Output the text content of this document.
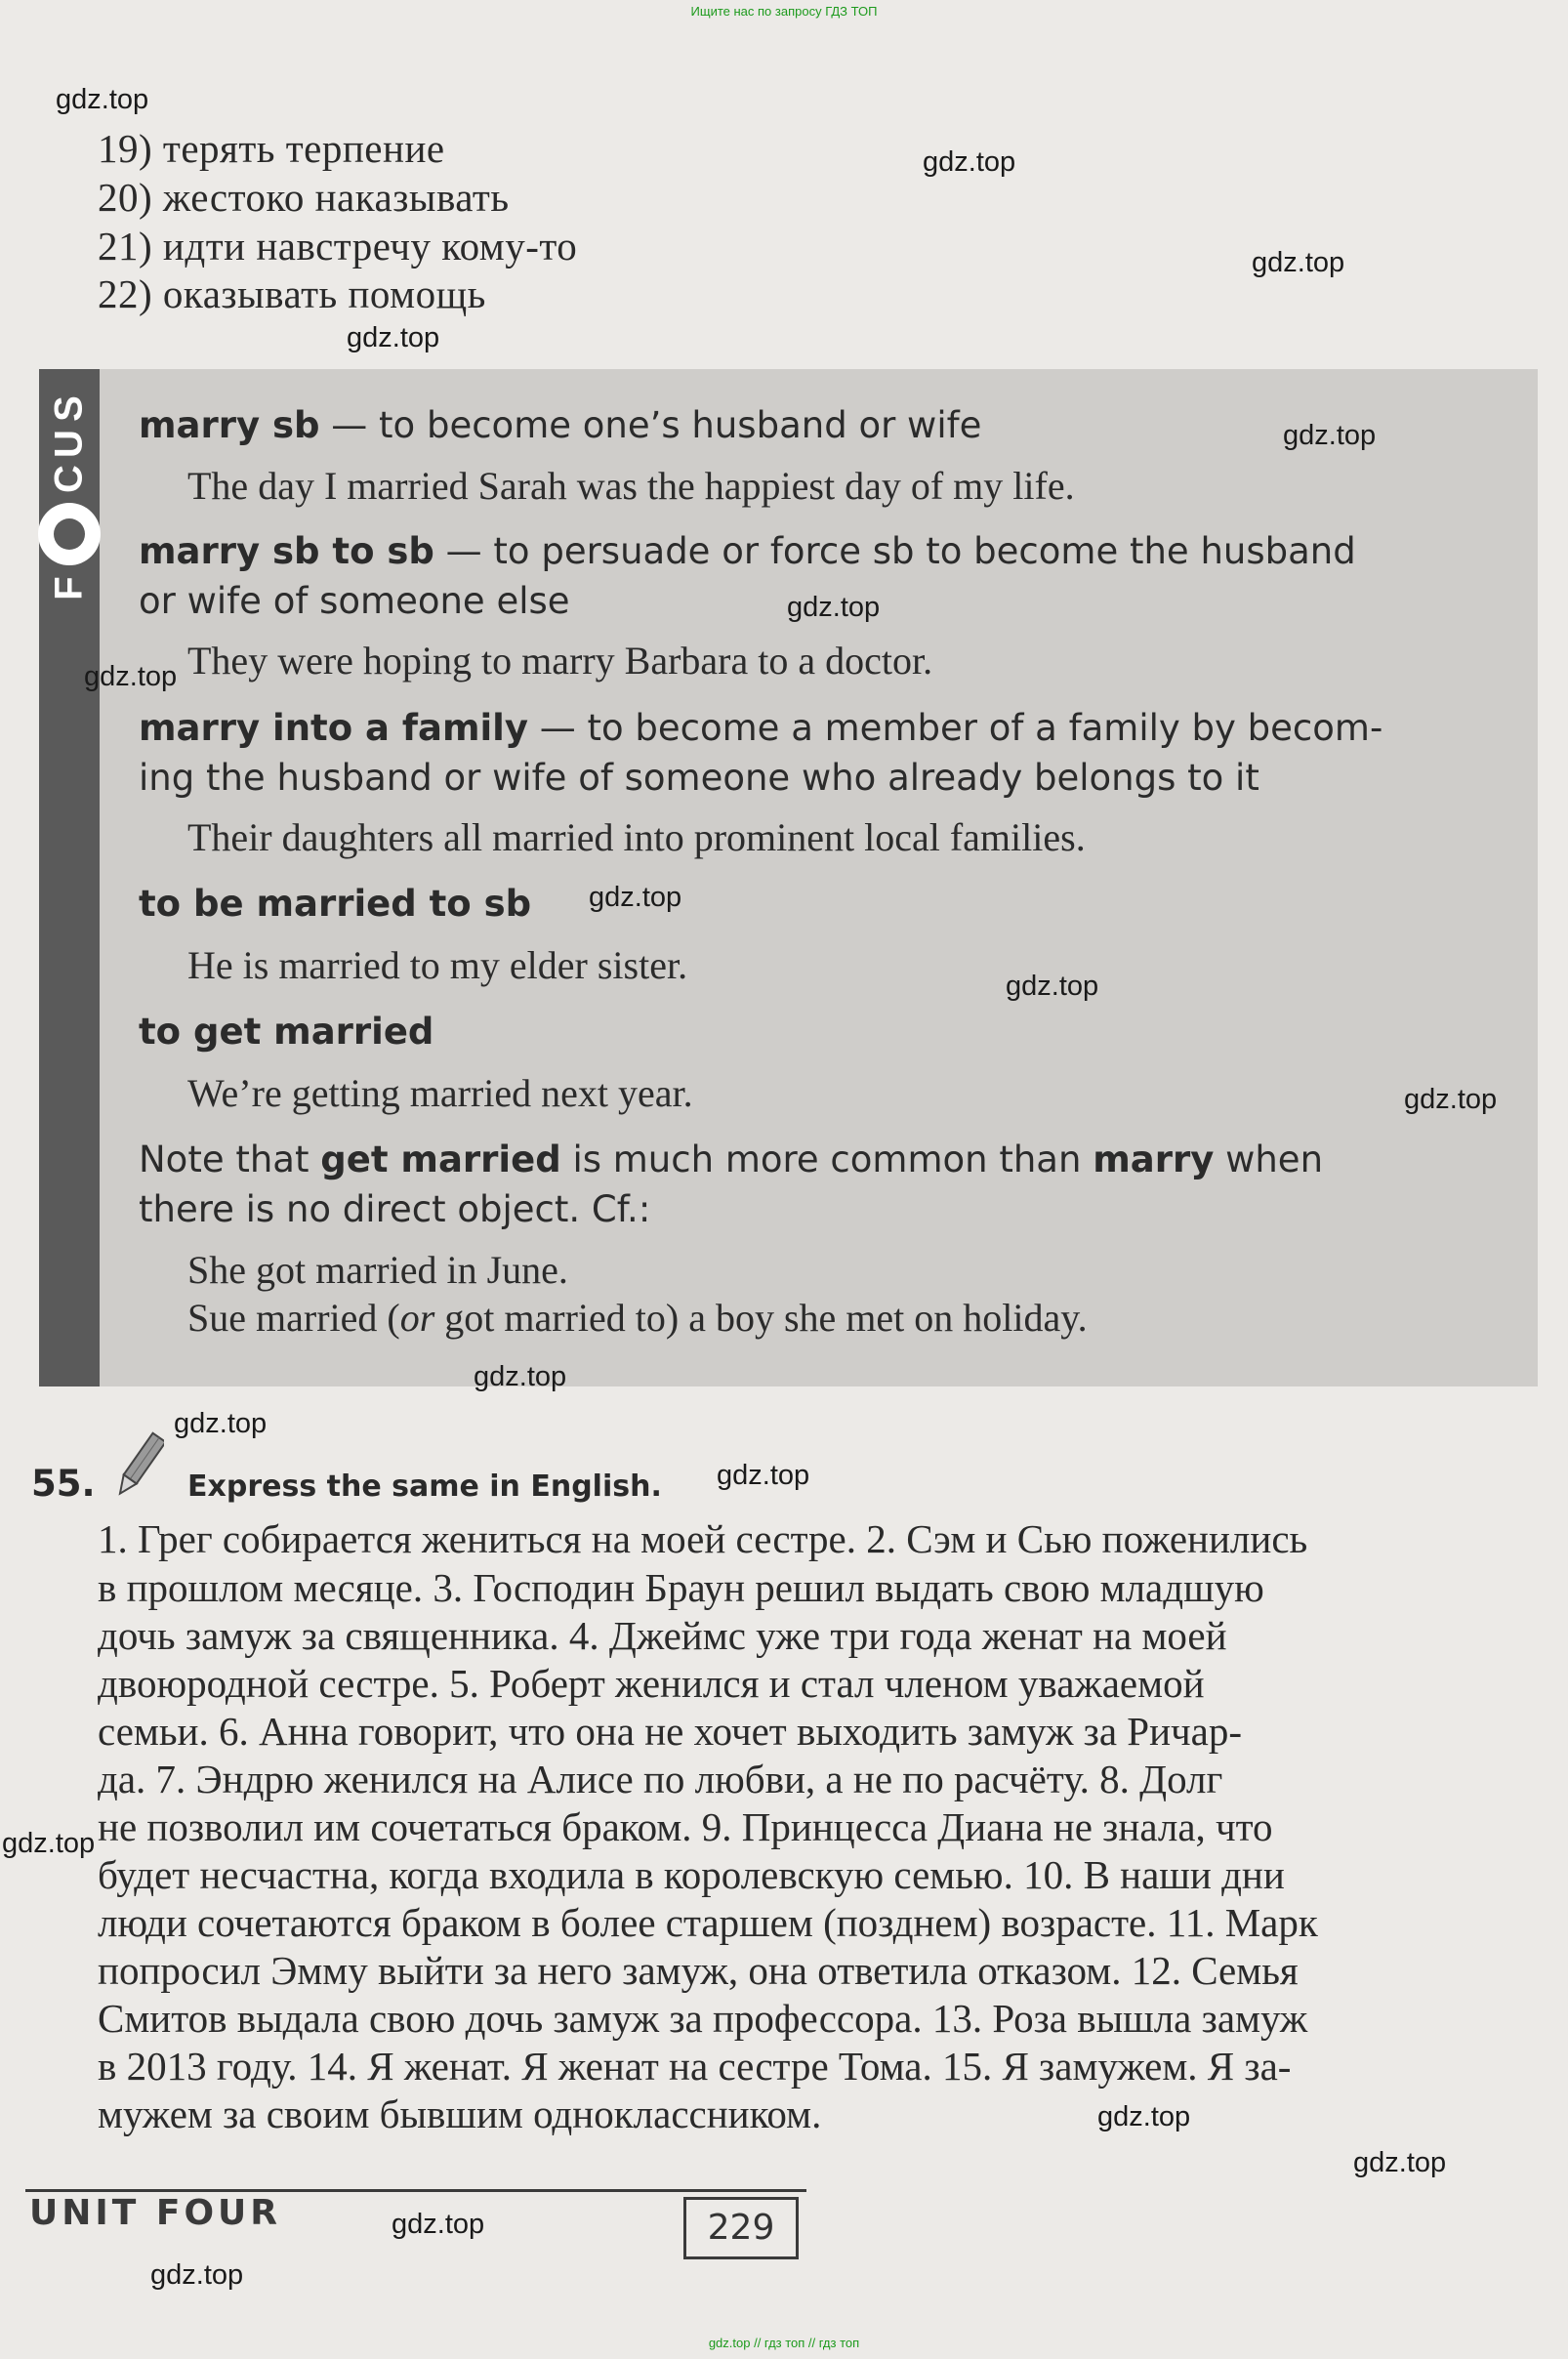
Ищите нас по запросу ГДЗ ТОП
19) терять терпение
20) жестоко наказывать
21) идти навстречу кому-то
22) оказывать помощь
F
C
U
S marry sb — to become one’s husband or wife
The day I married Sarah was the happiest day of my life.
marry sb to sb — to persuade or force sb to become the husband
or wife of someone else
They were hoping to marry Barbara to a doctor.
marry into a family — to become a member of a family by becom-
ing the husband or wife of someone who already belongs to it
Their daughters all married into prominent local families.
to be married to sb
He is married to my elder sister.
to get married
We’re getting married next year.
Note that get married is much more common than marry when
there is no direct object. Cf.:
She got married in June.
Sue married (or got married to) a boy she met on holiday.
55.	Express the same in English.
1. Грег собирается жениться на моей сестре. 2. Сэм и Сью поженились
в прошлом месяце. 3. Господин Браун решил выдать свою младшую
дочь замуж за священника. 4. Джеймс уже три года женат на моей
двоюродной сестре. 5. Роберт женился и стал членом уважаемой
семьи. 6. Анна говорит, что она не хочет выходить замуж за Ричар-
да. 7. Эндрю женился на Алисе по любви, а не по расчёту. 8. Долг
не позволил им сочетаться браком. 9. Принцесса Диана не знала, что
будет несчастна, когда входила в королевскую семью. 10. В наши дни
люди сочетаются браком в более старшем (позднем) возрасте. 11. Марк
попросил Эмму выйти за него замуж, она ответила отказом. 12. Семья
Смитов выдала свою дочь замуж за профессора. 13. Роза вышла замуж
в 2013 году. 14. Я женат. Я женат на сестре Тома. 15. Я замужем. Я за-
мужем за своим бывшим одноклассником.
UNIT FOUR	229
gdz.top
gdz.top
gdz.top
gdz.top
gdz.top
gdz.top
gdz.top
gdz.top
gdz.top
gdz.top
gdz.top
gdz.top
gdz.top
gdz.top
gdz.top
gdz.top
gdz.top
gdz.top
gdz.top // гдз топ // гдз топ
